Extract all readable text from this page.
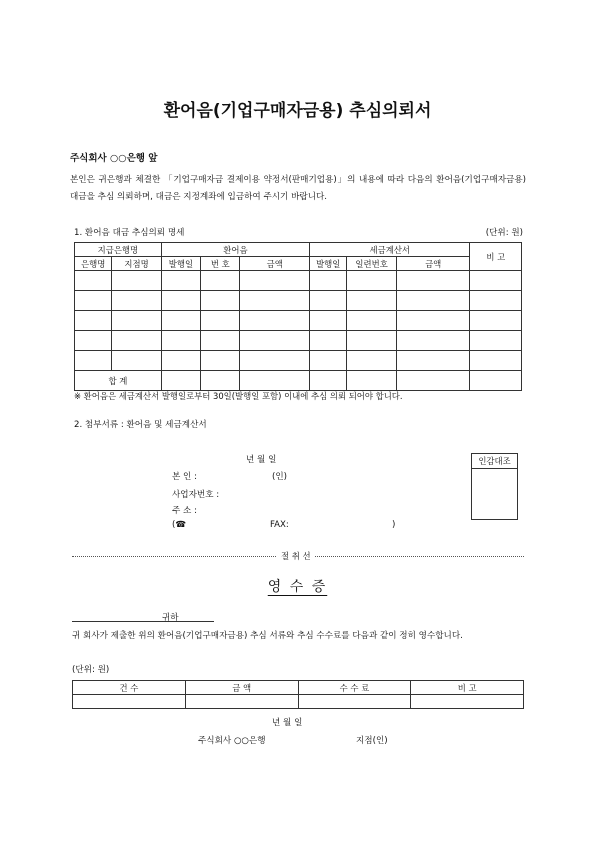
환어음(기업구매자금용) 추심의뢰서
주식회사 ○○은행 앞
본인은 귀은행과 체결한 「기업구매자금 결제이용 약정서(판매기업용)」의 내용에 따라 다음의 환어음(기업구매자금용) 대금을 추심 의뢰하며, 대금은 지정계좌에 입금하여 주시기 바랍니다.
1. 환어음 대금 추심의뢰 명세	(단위: 원)
지급은행명		환어음			세금계산서			비 고
은행명	지점명	발행일	번 호	금액	발행일	일련번호	금액	

합 계								
※ 환어음은 세금계산서 발행일로부터 30일(발행일 포함) 이내에 추심 의뢰 되어야 합니다.
2. 첨부서류 : 환어음 및 세금계산서
년 월 일
본 인 :	(인)
사업자번호 :
주 소 :
(☎	FAX:	)
인감대조
절 취 선
영 수 증
귀하
귀 회사가 제출한 위의 환어음(기업구매자금용) 추심 서류와 추심 수수료를 다음과 같이 정히 영수합니다.
(단위: 원)
건 수	금 액	수 수 료	비 고

년 월 일
주식회사 ○○은행	지점(인)
